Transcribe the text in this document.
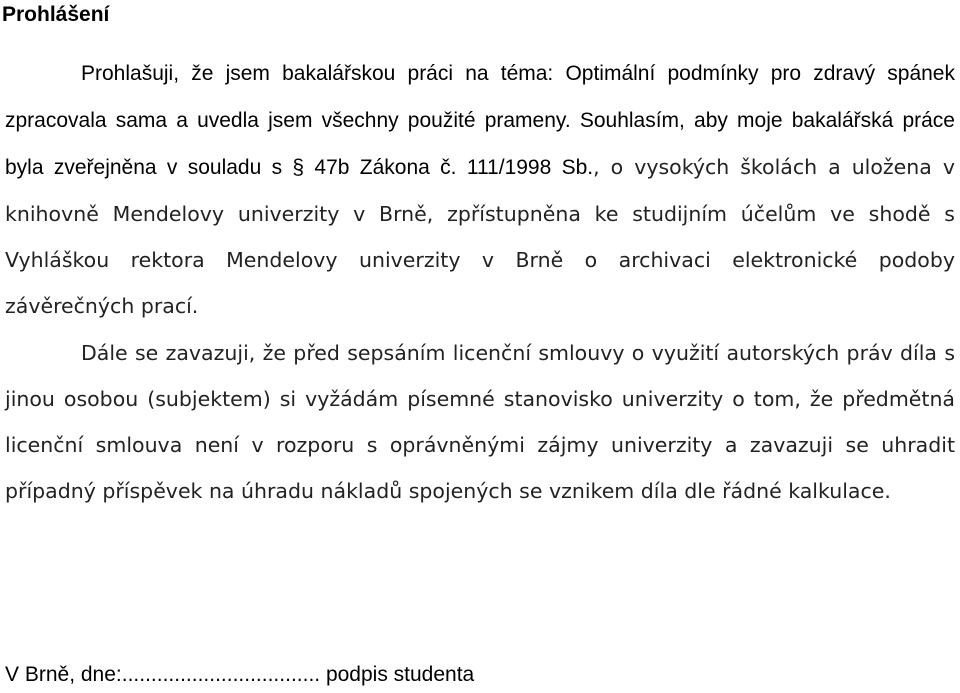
Prohlášení

Prohlašuji, že jsem bakalářskou práci na téma: Optimální podmínky pro zdravý spánek zpracovala sama a uvedla jsem všechny použité prameny. Souhlasím, aby moje bakalářská práce byla zveřejněna v souladu s § 47b Zákona č. 111/1998 Sb., o vysokých školách a uložena v knihovně Mendelovy univerzity v Brně, zpřístupněna ke studijním účelům ve shodě s Vyhláškou rektora Mendelovy univerzity v Brně o archivaci elektronické podoby závěrečných prací.

Dále se zavazuji, že před sepsáním licenční smlouvy o využití autorských práv díla s jinou osobou (subjektem) si vyžádám písemné stanovisko univerzity o tom, že předmětná licenční smlouva není v rozporu s oprávněnými zájmy univerzity a zavazuji se uhradit případný příspěvek na úhradu nákladů spojených se vznikem díla dle řádné kalkulace.

V Brně, dne:.................................. podpis studenta
